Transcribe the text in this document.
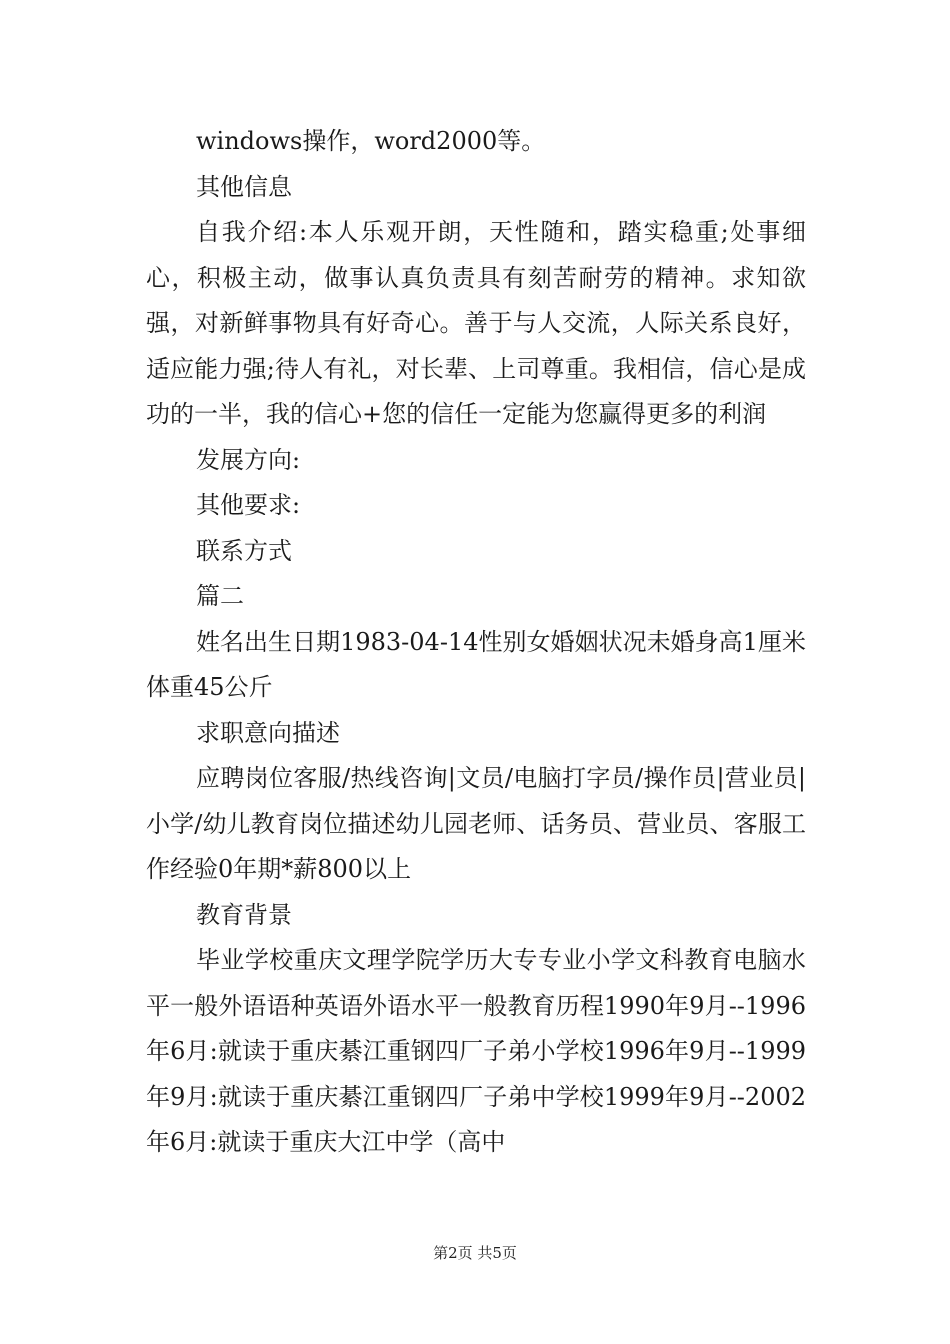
windows操作，word2000等。

其他信息

自我介绍:本人乐观开朗，天性随和，踏实稳重;处事细心，积极主动，做事认真负责具有刻苦耐劳的精神。求知欲强，对新鲜事物具有好奇心。善于与人交流，人际关系良好，适应能力强;待人有礼，对长辈、上司尊重。我相信，信心是成功的一半，我的信心+您的信任一定能为您赢得更多的利润

发展方向:

其他要求:

联系方式

篇二

姓名出生日期1983-04-14性别女婚姻状况未婚身高1厘米体重45公斤

求职意向描述

应聘岗位客服/热线咨询|文员/电脑打字员/操作员|营业员|小学/幼儿教育岗位描述幼儿园老师、话务员、营业员、客服工作经验0年期*薪800以上

教育背景

毕业学校重庆文理学院学历大专专业小学文科教育电脑水平一般外语语种英语外语水平一般教育历程1990年9月--1996年6月:就读于重庆綦江重钢四厂子弟小学校1996年9月--1999年9月:就读于重庆綦江重钢四厂子弟中学校1999年9月--2002年6月:就读于重庆大江中学（高中

第2页 共5页
